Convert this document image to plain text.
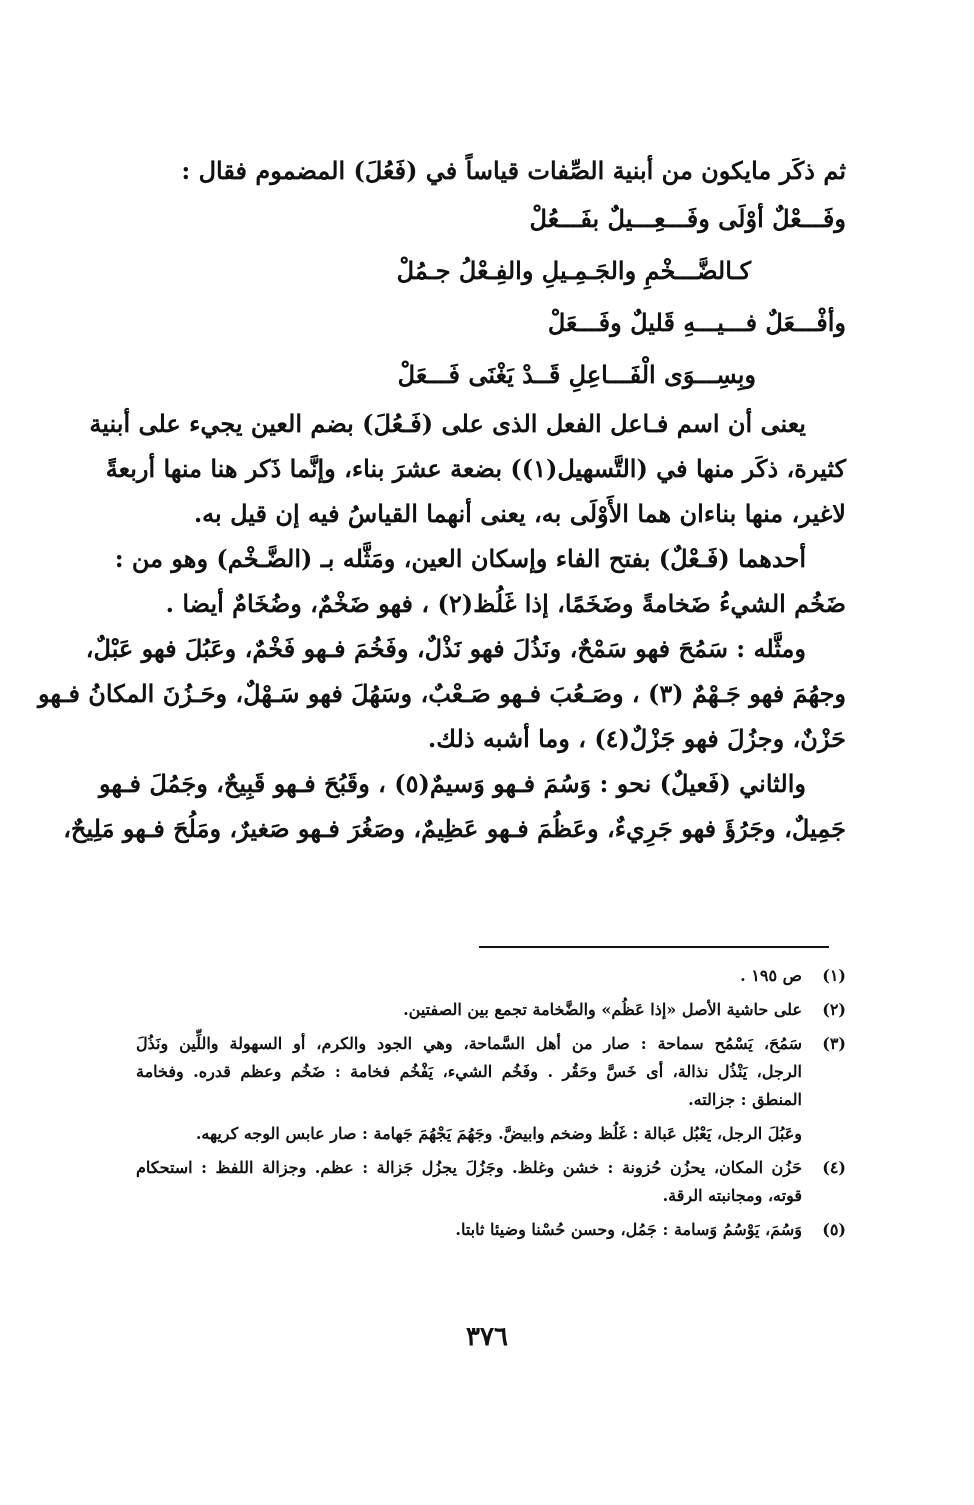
ثم ذكَر مايكون من أبنية الصِّفات قياساً في (فَعُلَ) المضموم فقال :
وفَـــعْلٌ أوْلَى وفَـــعِـــيلٌ بفَـــعُلْ
كـالضَّـــخْمِ والجَـمِـيلِ والفِـعْلُ جـمُلْ
وأفْـــعَلٌ فـــيـــهِ قَليلٌ وفَـــعَلْ
وبِسِـــوَى الْفَـــاعِلِ قَــدْ يَغْنَى فَـــعَلْ
يعنى أن اسم فـاعل الفعل الذى على (فَـعُلَ) بضم العين يجيء على أبنية
كثيرة، ذكَر منها في (التَّسهيل(١)) بضعة عشرَ بناء، وإنَّما ذَكر هنا منها أربعةً
لاغير، منها بناءان هما الأَوْلَى به، يعنى أنهما القياسُ فيه إن قيل به.
أحدهما (فَـعْلٌ) بفتح الفاء وإسكان العين، ومَثَّله بـ (الضَّـخْم) وهو من :
ضَخُم الشيءُ ضَخامةً وضَخَمًا، إذا غَلُظ(٢) ، فهو ضَخْمٌ، وضُخَامٌ أيضا .
ومثَّله : سَمُحَ فهو سَمْحٌ، ونَذُلَ فهو نَذْلٌ، وفَخُمَ فـهو فَخْمٌ، وعَبُلَ فهو عَبْلٌ،
وجهُمَ فهو جَـهْمٌ (٣) ، وصَـعُبَ فـهو صَـعْبٌ، وسَهُلَ فهو سَـهْلٌ، وحَـزُنَ المكانُ فـهو
حَزْنٌ، وجزُلَ فهو جَزْلٌ(٤) ، وما أشبه ذلك.
والثاني (فَعيلٌ) نحو : وَسُمَ فـهو وَسيمٌ(٥) ، وقَبُحَ فـهو قَبِيحٌ، وجَمُلَ فـهو
جَمِيلٌ، وجَرُؤَ فهو جَرِيءٌ، وعَظُمَ فـهو عَظِيمٌ، وصَغُرَ فـهو صَغيرٌ، ومَلُحَ فـهو مَلِيحٌ،
(١)
ص ١٩٥ .
(٢)
على حاشية الأصل «إذا عَظُم» والضَّخامة تجمع بين الصفتين.
(٣)
سَمُحَ، يَسْمُح سماحة : صار من أهل السَّماحة، وهي الجود والكرم، أو السهولة واللِّين ونَذُلَ
الرجل، يَنْذُل نذالة، أى خَسَّ وحَقُر . وفَخُم الشيء، يَفْخُم فخامة : ضَخُم وعظم قدره. وفخامة
المنطق : جزالته.
وعَبُلَ الرجل، يَعْبُل عَبالة : غَلُظ وضخم وابيضَّ. وجَهُمَ يَجْهُمَ جَهامة : صار عابس الوجه كريهه.
(٤)
حَزُن المكان، يحزُن حُزونة : خشن وغلظ. وجَزُلَ يجزُل جَزالة : عظم. وجزالة اللفظ : استحكام
قوته، ومجانبته الرقة.
(٥)
وَسُمَ، يَوْسُمُ وَسامة : جَمُل، وحسن حُسْنا وضيئا ثابتا.
٣٧٦
